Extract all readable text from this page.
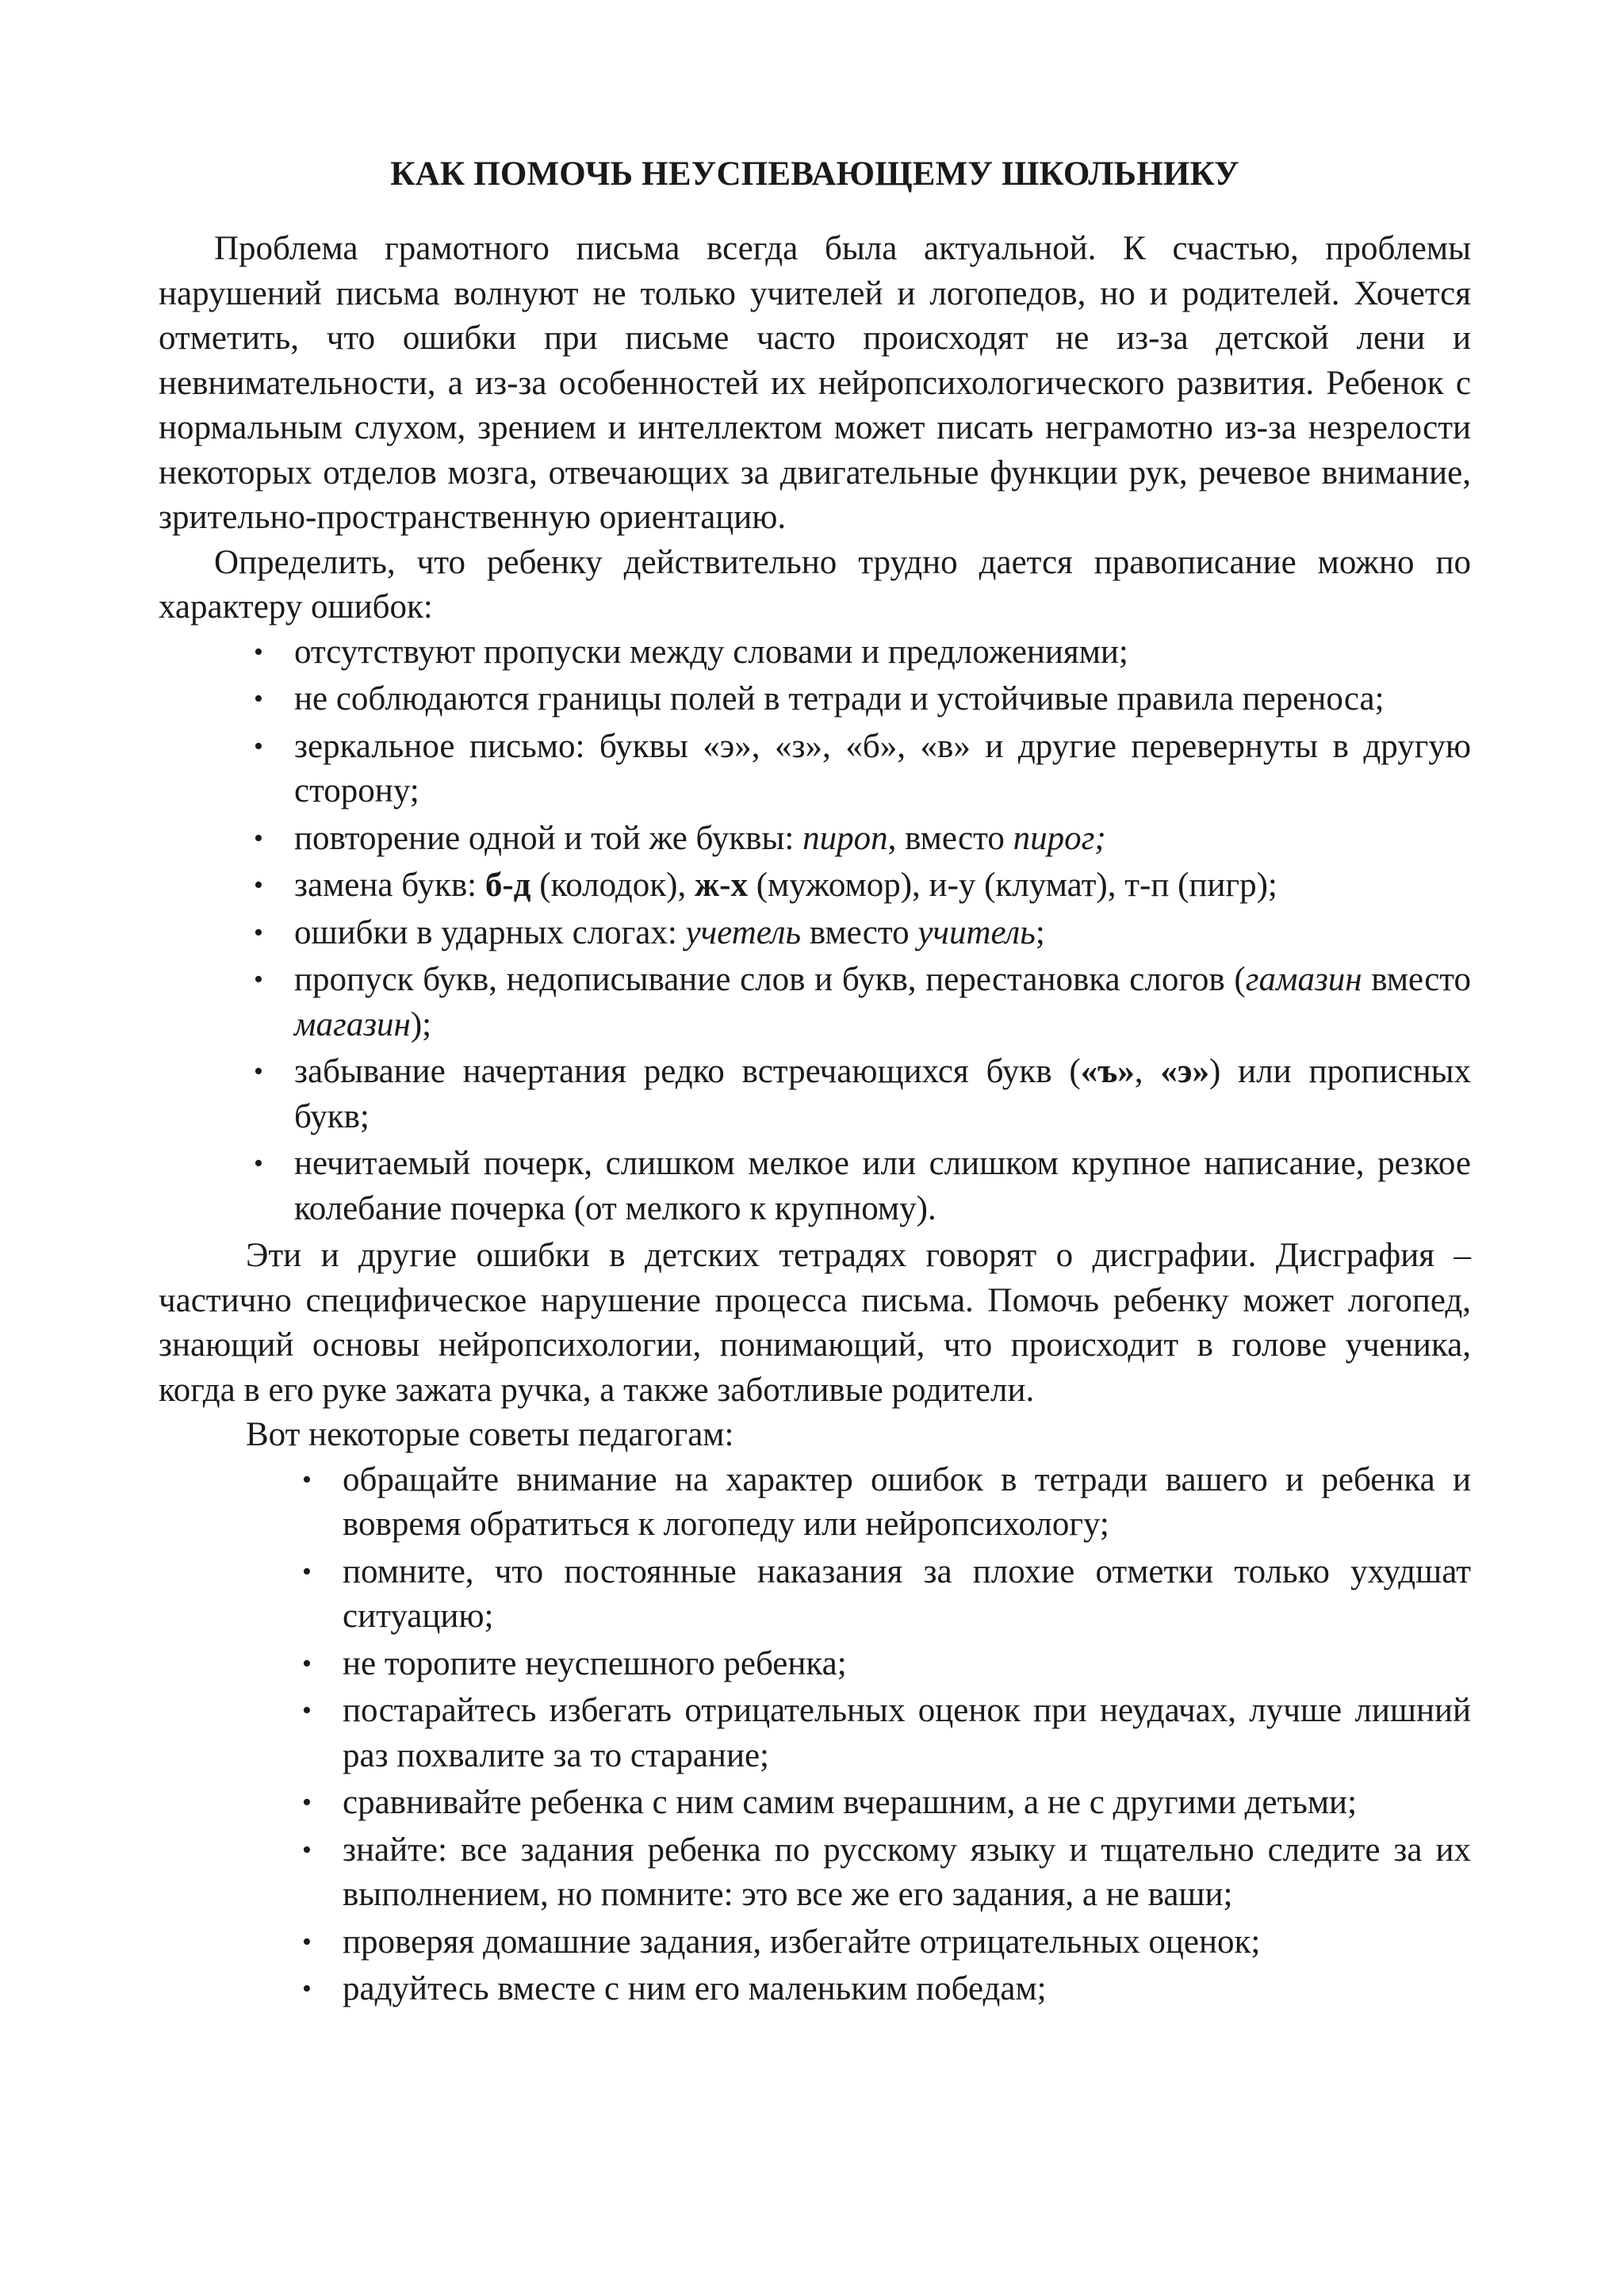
КАК ПОМОЧЬ НЕУСПЕВАЮЩЕМУ ШКОЛЬНИКУ

Проблема грамотного письма всегда была актуальной. К счастью, проблемы нарушений письма волнуют не только учителей и логопедов, но и родителей. Хочется отметить, что ошибки при письме часто происходят не из-за детской лени и невнимательности, а из-за особенностей их нейропсихологического развития. Ребенок с нормальным слухом, зрением и интеллектом может писать неграмотно из-за незрелости некоторых отделов мозга, отвечающих за двигательные функции рук, речевое внимание, зрительно-пространственную ориентацию.

Определить, что ребенку действительно трудно дается правописание можно по характеру ошибок:

• отсутствуют пропуски между словами и предложениями;
• не соблюдаются границы полей в тетради и устойчивые правила переноса;
• зеркальное письмо: буквы «э», «з», «б», «в» и другие перевернуты в другую сторону;
• повторение одной и той же буквы: пироп, вместо пирог;
• замена букв: б-д (колодок), ж-х (мужомор), и-у (клумат), т-п (пигр);
• ошибки в ударных слогах: учетель вместо учитель;
• пропуск букв, недописывание слов и букв, перестановка слогов (гамазин вместо магазин);
• забывание начертания редко встречающихся букв («ъ», «э») или прописных букв;
• нечитаемый почерк, слишком мелкое или слишком крупное написание, резкое колебание почерка (от мелкого к крупному).

Эти и другие ошибки в детских тетрадях говорят о дисграфии. Дисграфия – частично специфическое нарушение процесса письма. Помочь ребенку может логопед, знающий основы нейропсихологии, понимающий, что происходит в голове ученика, когда в его руке зажата ручка, а также заботливые родители.

Вот некоторые советы педагогам:

• обращайте внимание на характер ошибок в тетради вашего и ребенка и вовремя обратиться к логопеду или нейропсихологу;
• помните, что постоянные наказания за плохие отметки только ухудшат ситуацию;
• не торопите неуспешного ребенка;
• постарайтесь избегать отрицательных оценок при неудачах, лучше лишний раз похвалите за то старание;
• сравнивайте ребенка с ним самим вчерашним, а не с другими детьми;
• знайте: все задания ребенка по русскому языку и тщательно следите за их выполнением, но помните: это все же его задания, а не ваши;
• проверяя домашние задания, избегайте отрицательных оценок;
• радуйтесь вместе с ним его маленьким победам;
